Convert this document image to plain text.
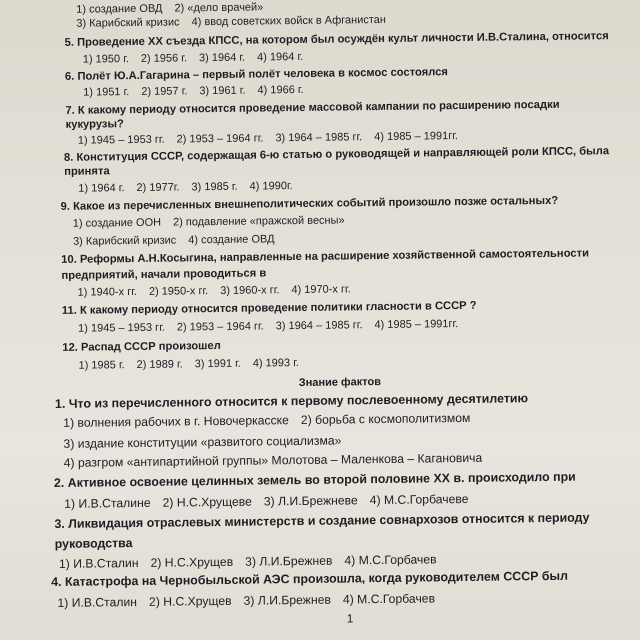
1) создание ОВД 2) «дело врачей»
3) Карибский кризис 4) ввод советских войск в Афганистан
5. Проведение XX съезда КПСС, на котором был осуждён культ личности И.В.Сталина, относится
1) 1950 г. 2) 1956 г. 3) 1964 г. 4) 1964 г.
6. Полёт Ю.А.Гагарина – первый полёт человека в космос состоялся
1) 1951 г. 2) 1957 г. 3) 1961 г. 4) 1966 г.
7. К какому периоду относится проведение массовой кампании по расширению посадки
кукурузы?
1) 1945 – 1953 гг. 2) 1953 – 1964 гг. 3) 1964 – 1985 гг. 4) 1985 – 1991гг.
8. Конституция СССР, содержащая 6-ю статью о руководящей и направляющей роли КПСС, была
принята
1) 1964 г. 2) 1977г. 3) 1985 г. 4) 1990г.
9. Какое из перечисленных внешнеполитических событий произошло позже остальных?
1) создание ООН 2) подавление «пражской весны»
3) Карибский кризис 4) создание ОВД
10. Реформы А.Н.Косыгина, направленные на расширение хозяйственной самостоятельности
предприятий, начали проводиться в
1) 1940-х гг. 2) 1950-х гг. 3) 1960-х гг. 4) 1970-х гг.
11. К какому периоду относится проведение политики гласности в СССР ?
1) 1945 – 1953 гг. 2) 1953 – 1964 гг. 3) 1964 – 1985 гг. 4) 1985 – 1991гг.
12. Распад СССР произошел
1) 1985 г. 2) 1989 г. 3) 1991 г. 4) 1993 г.
Знание фактов
1. Что из перечисленного относится к первому послевоенному десятилетию
1) волнения рабочих в г. Новочеркасске 2) борьба с космополитизмом
3) издание конституции «развитого социализма»
4) разгром «антипартийной группы» Молотова – Маленкова – Кагановича
2. Активное освоение целинных земель во второй половине XX в. происходило при
1) И.В.Сталине 2) Н.С.Хрущеве 3) Л.И.Брежневе 4) М.С.Горбачеве
3. Ликвидация отраслевых министерств и создание совнархозов относится к периоду
руководства
1) И.В.Сталин 2) Н.С.Хрущев 3) Л.И.Брежнев 4) М.С.Горбачев
4. Катастрофа на Чернобыльской АЭС произошла, когда руководителем СССР был
1) И.В.Сталин 2) Н.С.Хрущев 3) Л.И.Брежнев 4) М.С.Горбачев
1
